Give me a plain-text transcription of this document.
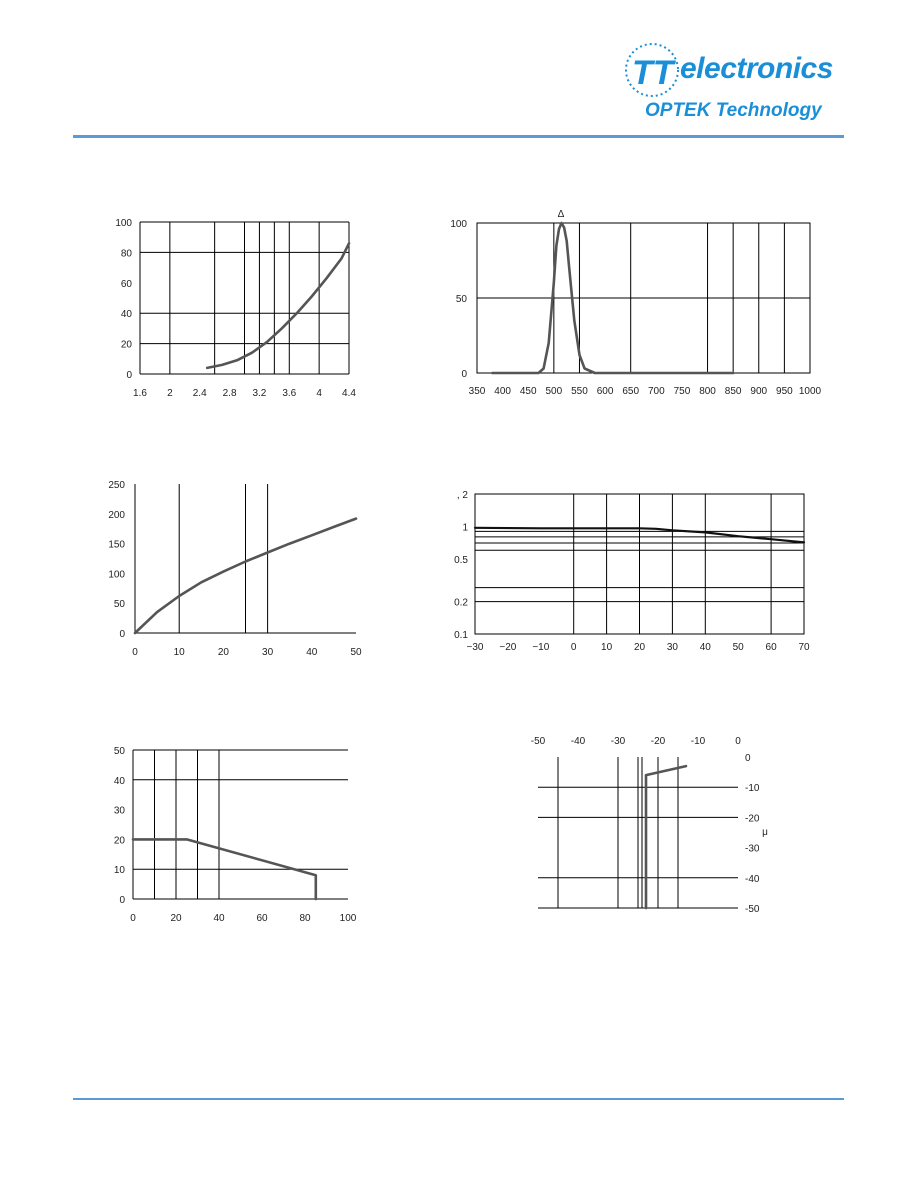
TT electronics
OPTEK Technology
1.6 2 2.4 2.8 3.2 3.6 4 4.4
0
20
40
60
80
100
350 400 450 500 550 600 650 700 750 800 850 900 950 1000
0
50
100
Δ
0	10	20	30	40	50
0
50
100
150
200
250
−30 −20 −10 0 10 20 30 40 50 60 70
0.1
0.2
0.5
1
, 2
0	20	40	60	80	100
0
10
20
30
40
50
-50	-40	-30	-20	-10	0
0
-10
-20
-30
-40
-50
μ
